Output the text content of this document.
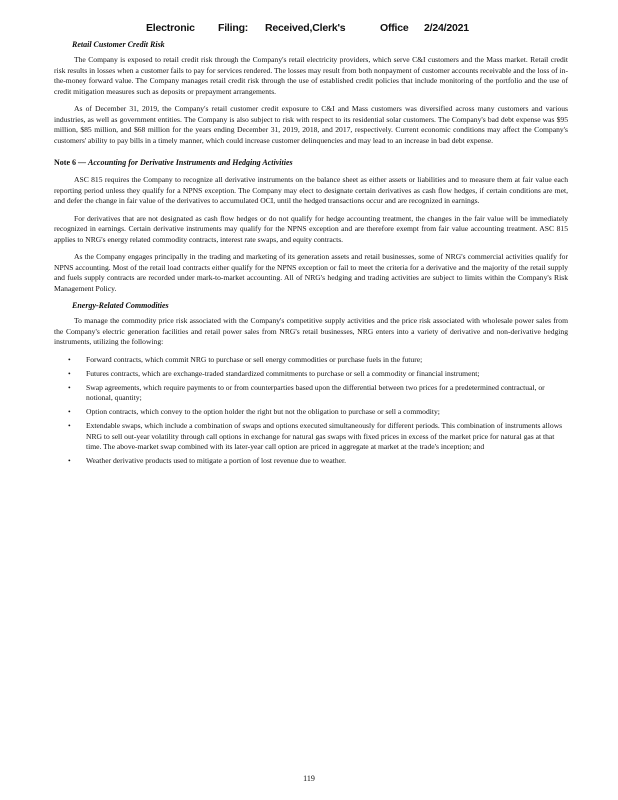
Electronic Filing: Received,Clerk's	Office 2/24/2021
Retail Customer Credit Risk

The Company is exposed to retail credit risk through the Company's retail electricity providers, which serve C&I customers and the Mass market. Retail credit risk results in losses when a customer fails to pay for services rendered. The losses may result from both nonpayment of customer accounts receivable and the loss of in-the-money forward value. The Company manages retail credit risk through the use of established credit policies that include monitoring of the portfolio and the use of credit mitigation measures such as deposits or prepayment arrangements.

As of December 31, 2019, the Company's retail customer credit exposure to C&I and Mass customers was diversified across many customers and various industries, as well as government entities. The Company is also subject to risk with respect to its residential solar customers. The Company's bad debt expense was $95 million, $85 million, and $68 million for the years ending December 31, 2019, 2018, and 2017, respectively. Current economic conditions may affect the Company's customers' ability to pay bills in a timely manner, which could increase customer delinquencies and may lead to an increase in bad debt expense.

Note 6 — Accounting for Derivative Instruments and Hedging Activities

ASC 815 requires the Company to recognize all derivative instruments on the balance sheet as either assets or liabilities and to measure them at fair value each reporting period unless they qualify for a NPNS exception. The Company may elect to designate certain derivatives as cash flow hedges, if certain conditions are met, and defer the change in fair value of the derivatives to accumulated OCI, until the hedged transactions occur and are recognized in earnings.

For derivatives that are not designated as cash flow hedges or do not qualify for hedge accounting treatment, the changes in the fair value will be immediately recognized in earnings. Certain derivative instruments may qualify for the NPNS exception and are therefore exempt from fair value accounting treatment. ASC 815 applies to NRG's energy related commodity contracts, interest rate swaps, and equity contracts.

As the Company engages principally in the trading and marketing of its generation assets and retail businesses, some of NRG's commercial activities qualify for NPNS accounting. Most of the retail load contracts either qualify for the NPNS exception or fail to meet the criteria for a derivative and the majority of the retail supply and fuels supply contracts are recorded under mark-to-market accounting. All of NRG's hedging and trading activities are subject to limits within the Company's Risk Management Policy.

Energy-Related Commodities

To manage the commodity price risk associated with the Company's competitive supply activities and the price risk associated with wholesale power sales from the Company's electric generation facilities and retail power sales from NRG's retail businesses, NRG enters into a variety of derivative and non-derivative hedging instruments, utilizing the following:

• Forward contracts, which commit NRG to purchase or sell energy commodities or purchase fuels in the future;
• Futures contracts, which are exchange-traded standardized commitments to purchase or sell a commodity or financial instrument;
• Swap agreements, which require payments to or from counterparties based upon the differential between two prices for a predetermined contractual, or notional, quantity;
• Option contracts, which convey to the option holder the right but not the obligation to purchase or sell a commodity;
• Extendable swaps, which include a combination of swaps and options executed simultaneously for different periods. This combination of instruments allows NRG to sell out-year volatility through call options in exchange for natural gas swaps with fixed prices in excess of the market price for natural gas at that time. The above-market swap combined with its later-year call option are priced in aggregate at market at the trade's inception; and
• Weather derivative products used to mitigate a portion of lost revenue due to weather.
119
